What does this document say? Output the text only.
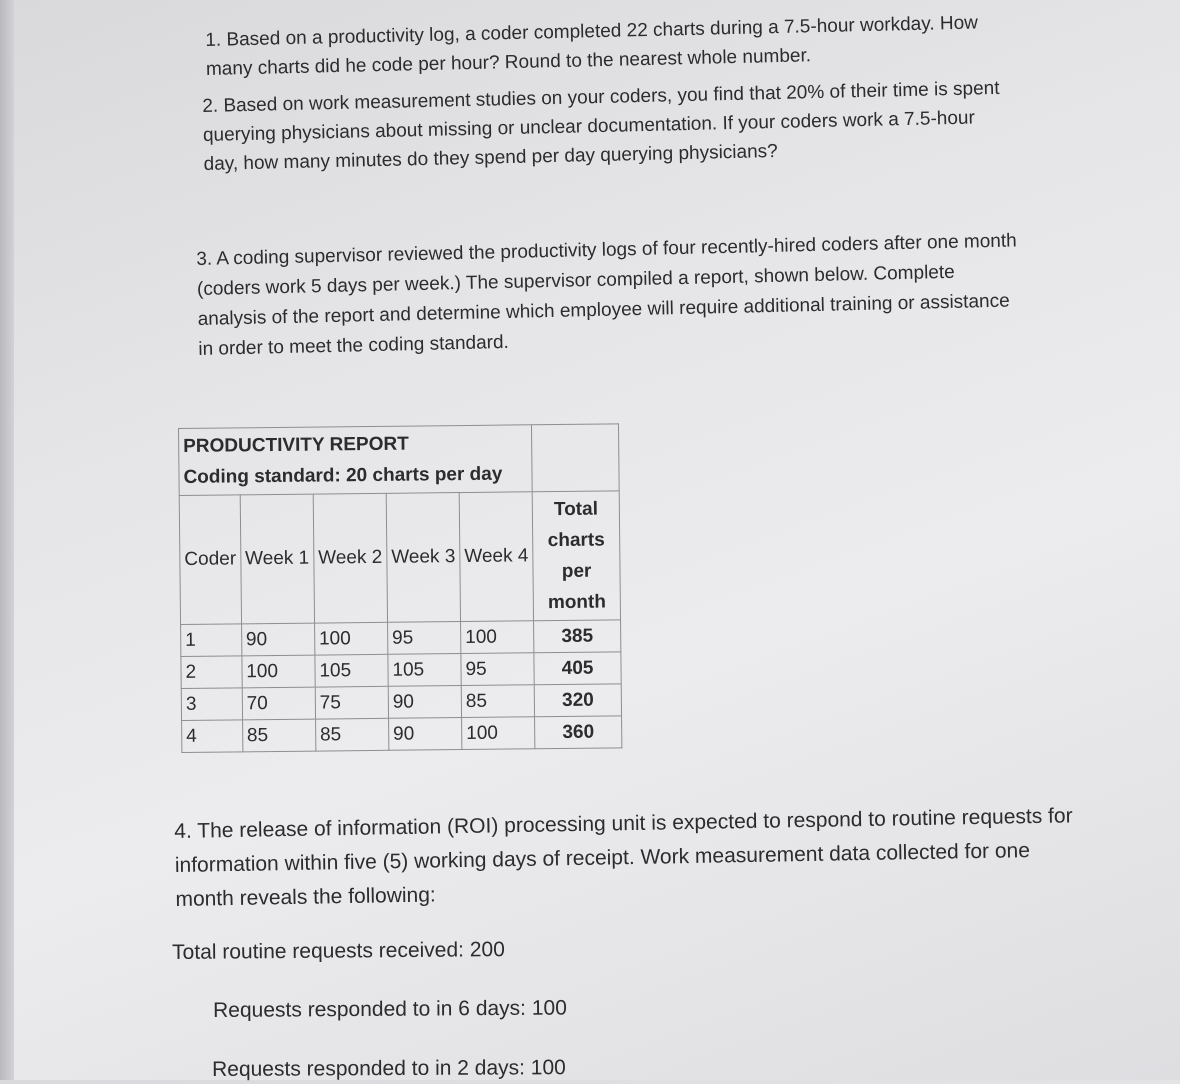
1. Based on a productivity log, a coder completed 22 charts during a 7.5-hour workday. How many charts did he code per hour? Round to the nearest whole number.

2. Based on work measurement studies on your coders, you find that 20% of their time is spent querying physicians about missing or unclear documentation. If your coders work a 7.5-hour day, how many minutes do they spend per day querying physicians?

3. A coding supervisor reviewed the productivity logs of four recently-hired coders after one month (coders work 5 days per week.) The supervisor compiled a report, shown below. Complete analysis of the report and determine which employee will require additional training or assistance in order to meet the coding standard.

PRODUCTIVITY REPORT
Coding standard: 20 charts per day					

Coder	Week 1	Week 2	Week 3	Week 4	Total charts per month
1	90	100	95	100	385
2	100	105	105	95	405
3	70	75	90	85	320
4	85	85	90	100	360

4. The release of information (ROI) processing unit is expected to respond to routine requests for information within five (5) working days of receipt. Work measurement data collected for one month reveals the following:

Total routine requests received: 200

Requests responded to in 6 days: 100

Requests responded to in 2 days: 100
